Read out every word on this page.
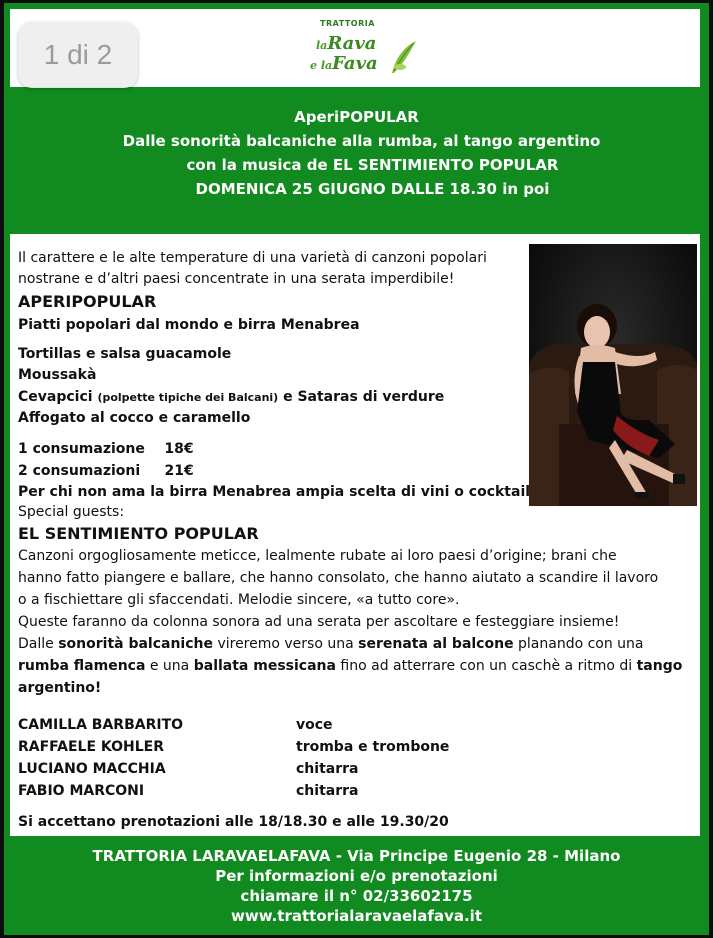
TRATTORIA
laRava
e laFava
AperiPOPULAR
Dalle sonorità balcaniche alla rumba, al tango argentino
con la musica de EL SENTIMIENTO POPULAR
DOMENICA 25 GIUGNO DALLE 18.30 in poi
Il carattere e le alte temperature di una varietà di canzoni popolari
nostrane e d’altri paesi concentrate in una serata imperdibile!
APERIPOPULAR
Piatti popolari dal mondo e birra Menabrea
Tortillas e salsa guacamole
Moussakà
Cevapcici (polpette tipiche dei Balcani) e Sataras di verdure
Affogato al cocco e caramello
1 consumazione    18€
2 consumazioni     21€
Per chi non ama la birra Menabrea ampia scelta di vini o cocktail
Special guests:
EL SENTIMIENTO POPULAR
Canzoni orgogliosamente meticce, lealmente rubate ai loro paesi d’origine; brani che
hanno fatto piangere e ballare, che hanno consolato, che hanno aiutato a scandire il lavoro
o a fischiettare gli sfaccendati. Melodie sincere, «a tutto core».
Queste faranno da colonna sonora ad una serata per ascoltare e festeggiare insieme!
Dalle sonorità balcaniche vireremo verso una serenata al balcone planando con una
rumba flamenca e una ballata messicana fino ad atterrare con un caschè a ritmo di tango
argentino!
CAMILLA BARBARITO	voce
RAFFAELE KOHLER	tromba e trombone
LUCIANO MACCHIA	chitarra
FABIO MARCONI	chitarra
Si accettano prenotazioni alle 18/18.30 e alle 19.30/20
TRATTORIA LARAVAELAFAVA - Via Principe Eugenio 28 - Milano
Per informazioni e/o prenotazioni
chiamare il n° 02/33602175
www.trattorialaravaelafava.it
1 di 2
